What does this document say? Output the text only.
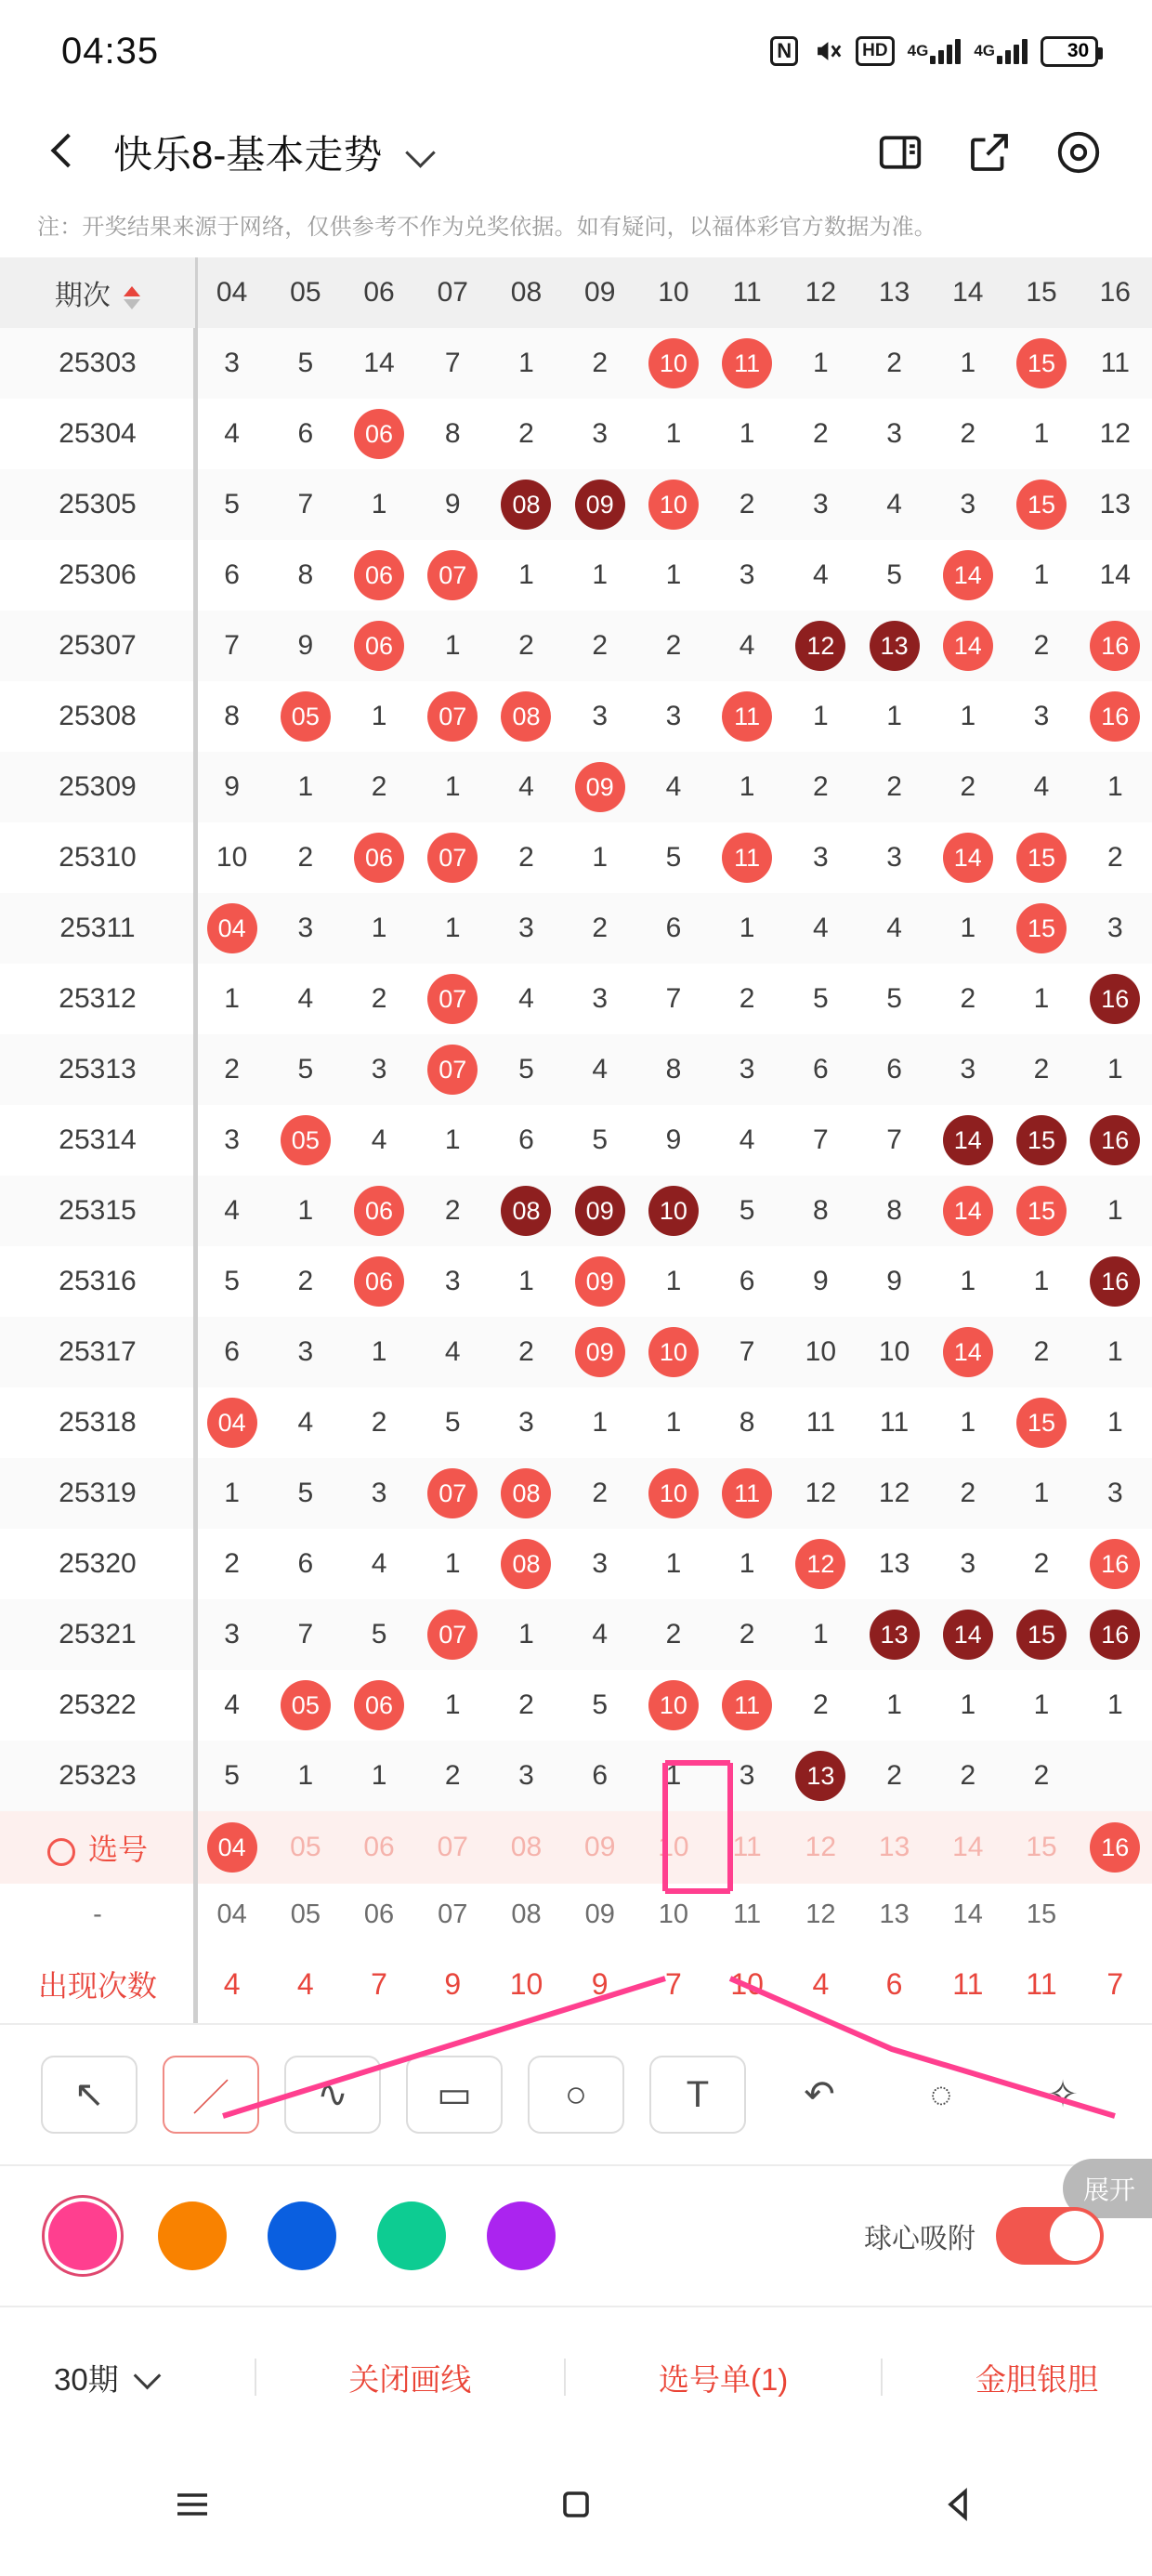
04:35	N	HD	4G	4G	30
快乐8-基本走势
注：开奖结果来源于网络，仅供参考不作为兑奖依据。如有疑问，以福体彩官方数据为准。
期次	04	05	06	07	08	09	10	11	12	13	14	15	16
25303	3	5	14	7	1	2	10	11	1	2	1	15	11
25304	4	6	06	8	2	3	1	1	2	3	2	1	12
25305	5	7	1	9	08	09	10	2	3	4	3	15	13
25306	6	8	06	07	1	1	1	3	4	5	14	1	14
25307	7	9	06	1	2	2	2	4	12	13	14	2	16
25308	8	05	1	07	08	3	3	11	1	1	1	3	16
25309	9	1	2	1	4	09	4	1	2	2	2	4	1
25310	10	2	06	07	2	1	5	11	3	3	14	15	2
25311	04	3	1	1	3	2	6	1	4	4	1	15	3
25312	1	4	2	07	4	3	7	2	5	5	2	1	16
25313	2	5	3	07	5	4	8	3	6	6	3	2	1
25314	3	05	4	1	6	5	9	4	7	7	14	15	16
25315	4	1	06	2	08	09	10	5	8	8	14	15	1
25316	5	2	06	3	1	09	1	6	9	9	1	1	16
25317	6	3	1	4	2	09	10	7	10	10	14	2	1
25318	04	4	2	5	3	1	1	8	11	11	1	15	1
25319	1	5	3	07	08	2	10	11	12	12	2	1	3
25320	2	6	4	1	08	3	1	1	12	13	3	2	16
25321	3	7	5	07	1	4	2	2	1	13	14	15	16
25322	4	05	06	1	2	5	10	11	2	1	1	1	1
25323	5	1	1	2	3	6	1	3	13	2	2	2	
选号	04	05	06	07	08	09	10	11	12	13	14	15	16
-	04	05	06	07	08	09	10	11	12	13	14	15	
出现次数	4	4	7	9	10	9	7	10	4	6	11	11	7
展开
↖ ／ ∿ ▭	○	T	↶	◌	✧
球心吸附
30期	关闭画线	选号单(1)	金胆银胆
